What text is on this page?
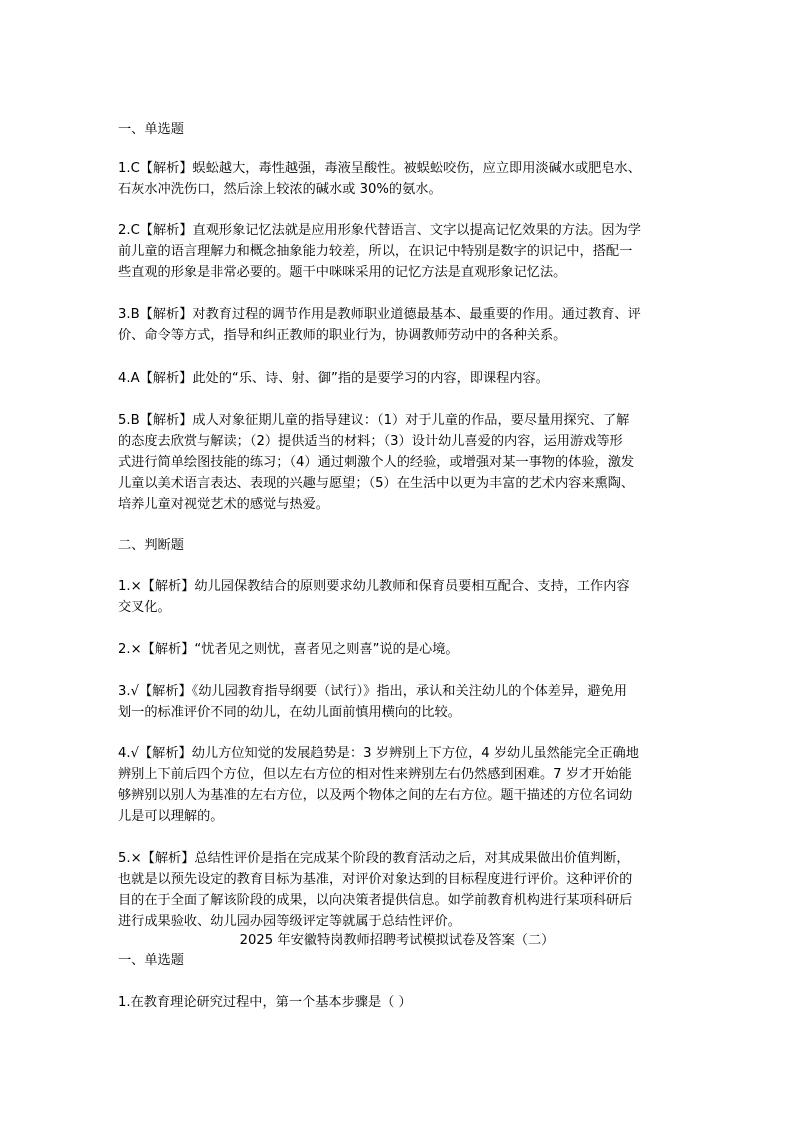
一、单选题
1.C【解析】蜈蚣越大，毒性越强，毒液呈酸性。被蜈蚣咬伤，应立即用淡碱水或肥皂水、
石灰水冲洗伤口，然后涂上较浓的碱水或 30%的氨水。
2.C【解析】直观形象记忆法就是应用形象代替语言、文字以提高记忆效果的方法。因为学
前儿童的语言理解力和概念抽象能力较差，所以，在识记中特别是数字的识记中，搭配一
些直观的形象是非常必要的。题干中咪咪采用的记忆方法是直观形象记忆法。
3.B【解析】对教育过程的调节作用是教师职业道德最基本、最重要的作用。通过教育、评
价、命令等方式，指导和纠正教师的职业行为，协调教师劳动中的各种关系。
4.A【解析】此处的“乐、诗、射、御”指的是要学习的内容，即课程内容。
5.B【解析】成人对象征期儿童的指导建议：（1）对于儿童的作品，要尽量用探究、了解
的态度去欣赏与解读；（2）提供适当的材料；（3）设计幼儿喜爱的内容，运用游戏等形
式进行简单绘图技能的练习；（4）通过刺激个人的经验，或增强对某一事物的体验，激发
儿童以美术语言表达、表现的兴趣与愿望；（5）在生活中以更为丰富的艺术内容来熏陶、
培养儿童对视觉艺术的感觉与热爱。
二、判断题
1.×【解析】幼儿园保教结合的原则要求幼儿教师和保育员要相互配合、支持，工作内容
交叉化。
2.×【解析】“忧者见之则忧，喜者见之则喜”说的是心境。
3.√【解析】《幼儿园教育指导纲要（试行）》指出，承认和关注幼儿的个体差异，避免用
划一的标准评价不同的幼儿，在幼儿面前慎用横向的比较。
4.√【解析】幼儿方位知觉的发展趋势是：3 岁辨别上下方位，4 岁幼儿虽然能完全正确地
辨别上下前后四个方位，但以左右方位的相对性来辨别左右仍然感到困难。7 岁才开始能
够辨别以别人为基准的左右方位，以及两个物体之间的左右方位。题干描述的方位名词幼
儿是可以理解的。
5.×【解析】总结性评价是指在完成某个阶段的教育活动之后，对其成果做出价值判断，
也就是以预先设定的教育目标为基准，对评价对象达到的目标程度进行评价。这种评价的
目的在于全面了解该阶段的成果，以向决策者提供信息。如学前教育机构进行某项科研后
进行成果验收、幼儿园办园等级评定等就属于总结性评价。
2025 年安徽特岗教师招聘考试模拟试卷及答案（二）
一、单选题
1.在教育理论研究过程中，第一个基本步骤是（ ）
